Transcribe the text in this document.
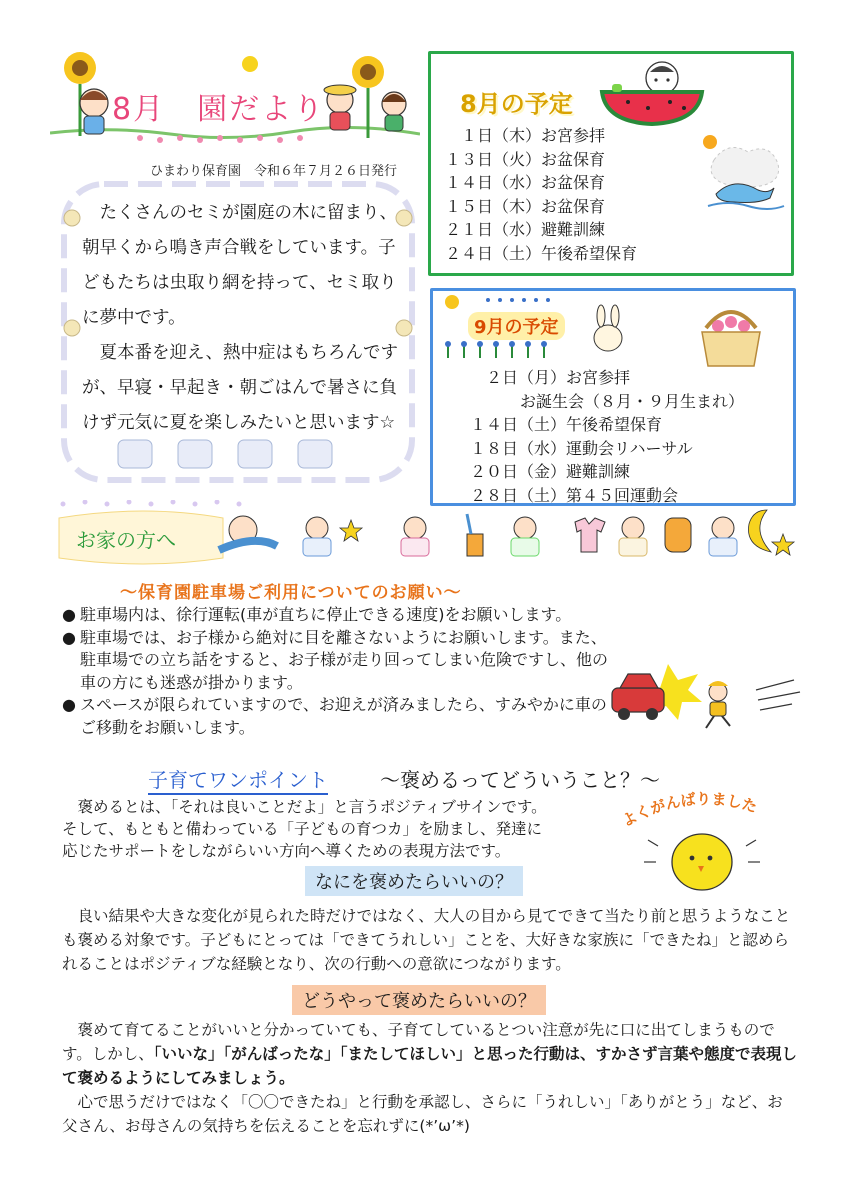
8月　園だより
ひまわり保育園　令和６年７月２６日発行

たくさんのセミが園庭の木に留まり、朝早くから鳴き声合戦をしています。子どもたちは虫取り網を持って、セミ取りに夢中です。

夏本番を迎え、熱中症はもちろんですが、早寝・早起き・朝ごはんで暑さに負けず元気に夏を楽しみたいと思います☆

8月の予定
　１日（木）お宮参拝
１３日（火）お盆保育
１４日（水）お盆保育
１５日（木）お盆保育
２１日（水）避難訓練
２４日（土）午後希望保育
9月の予定
　２日（月）お宮参拝
お誕生会（８月・９月生まれ）
１４日（土）午後希望保育
１８日（水）運動会リハーサル
２０日（金）避難訓練
２８日（土）第４５回運動会
お家の方へ
～保育園駐車場ご利用についてのお願い～
● 駐車場内は、徐行運転(車が直ちに停止できる速度)をお願いします。
● 駐車場では、お子様から絶対に目を離さないようにお願いします。また、駐車場での立ち話をすると、お子様が走り回ってしまい危険ですし、他の車の方にも迷惑が掛かります。
● スペースが限られていますので、お迎えが済みましたら、すみやかに車のご移動をお願いします。
子育てワンポイント	～褒めるってどういうこと？～

　褒めるとは、「それは良いことだよ」と言うポジティブサインです。

そして、もともと備わっている「子どもの育つカ」を励まし、発達に

応じたサポートをしながらいい方向へ導くための表現方法です。

よくがんばりました
なにを褒めたらいいの？

良い結果や大きな変化が見られた時だけではなく、大人の目から見てできて当たり前と思うようなことも褒める対象です。子どもにとっては「できてうれしい」ことを、大好きな家族に「できたね」と認められることはポジティブな経験となり、次の行動への意欲につながります。

どうやって褒めたらいいの？

褒めて育てることがいいと分かっていても、子育てしているとつい注意が先に口に出てしまうものです。しかし、「いいな」「がんばったな」「またしてほしい」と思った行動は、すかさず言葉や態度で表現して褒めるようにしてみましょう。

心で思うだけではなく「〇〇できたね」と行動を承認し、さらに「うれしい」「ありがとう」など、お父さん、お母さんの気持ちを伝えることを忘れずに(*’ω’*)
